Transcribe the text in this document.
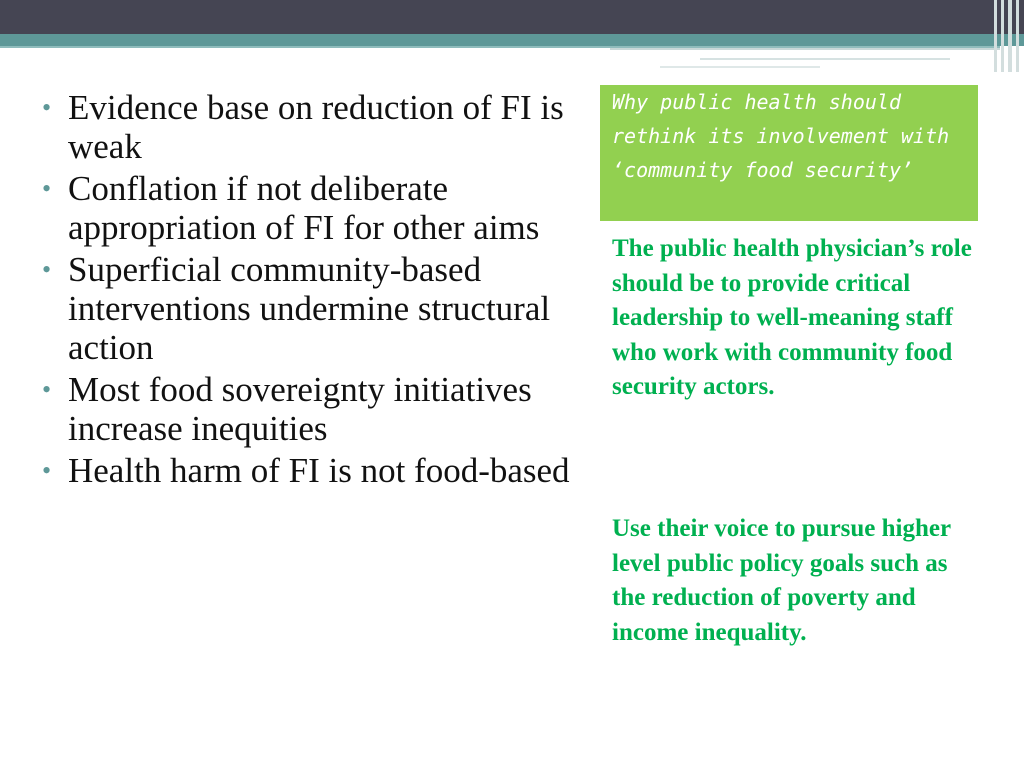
• Evidence base on reduction of FI is weak
• Conflation if not deliberate appropriation of FI for other aims
• Superficial community-based interventions undermine structural action
• Most food sovereignty initiatives increase inequities
• Health harm of FI is not food-based
Why public health should rethink its involvement with ‘community food security’

The public health physician’s role should be to provide critical leadership to well-meaning staff who work with community food security actors.

Use their voice to pursue higher level public policy goals such as the reduction of poverty and income inequality.
